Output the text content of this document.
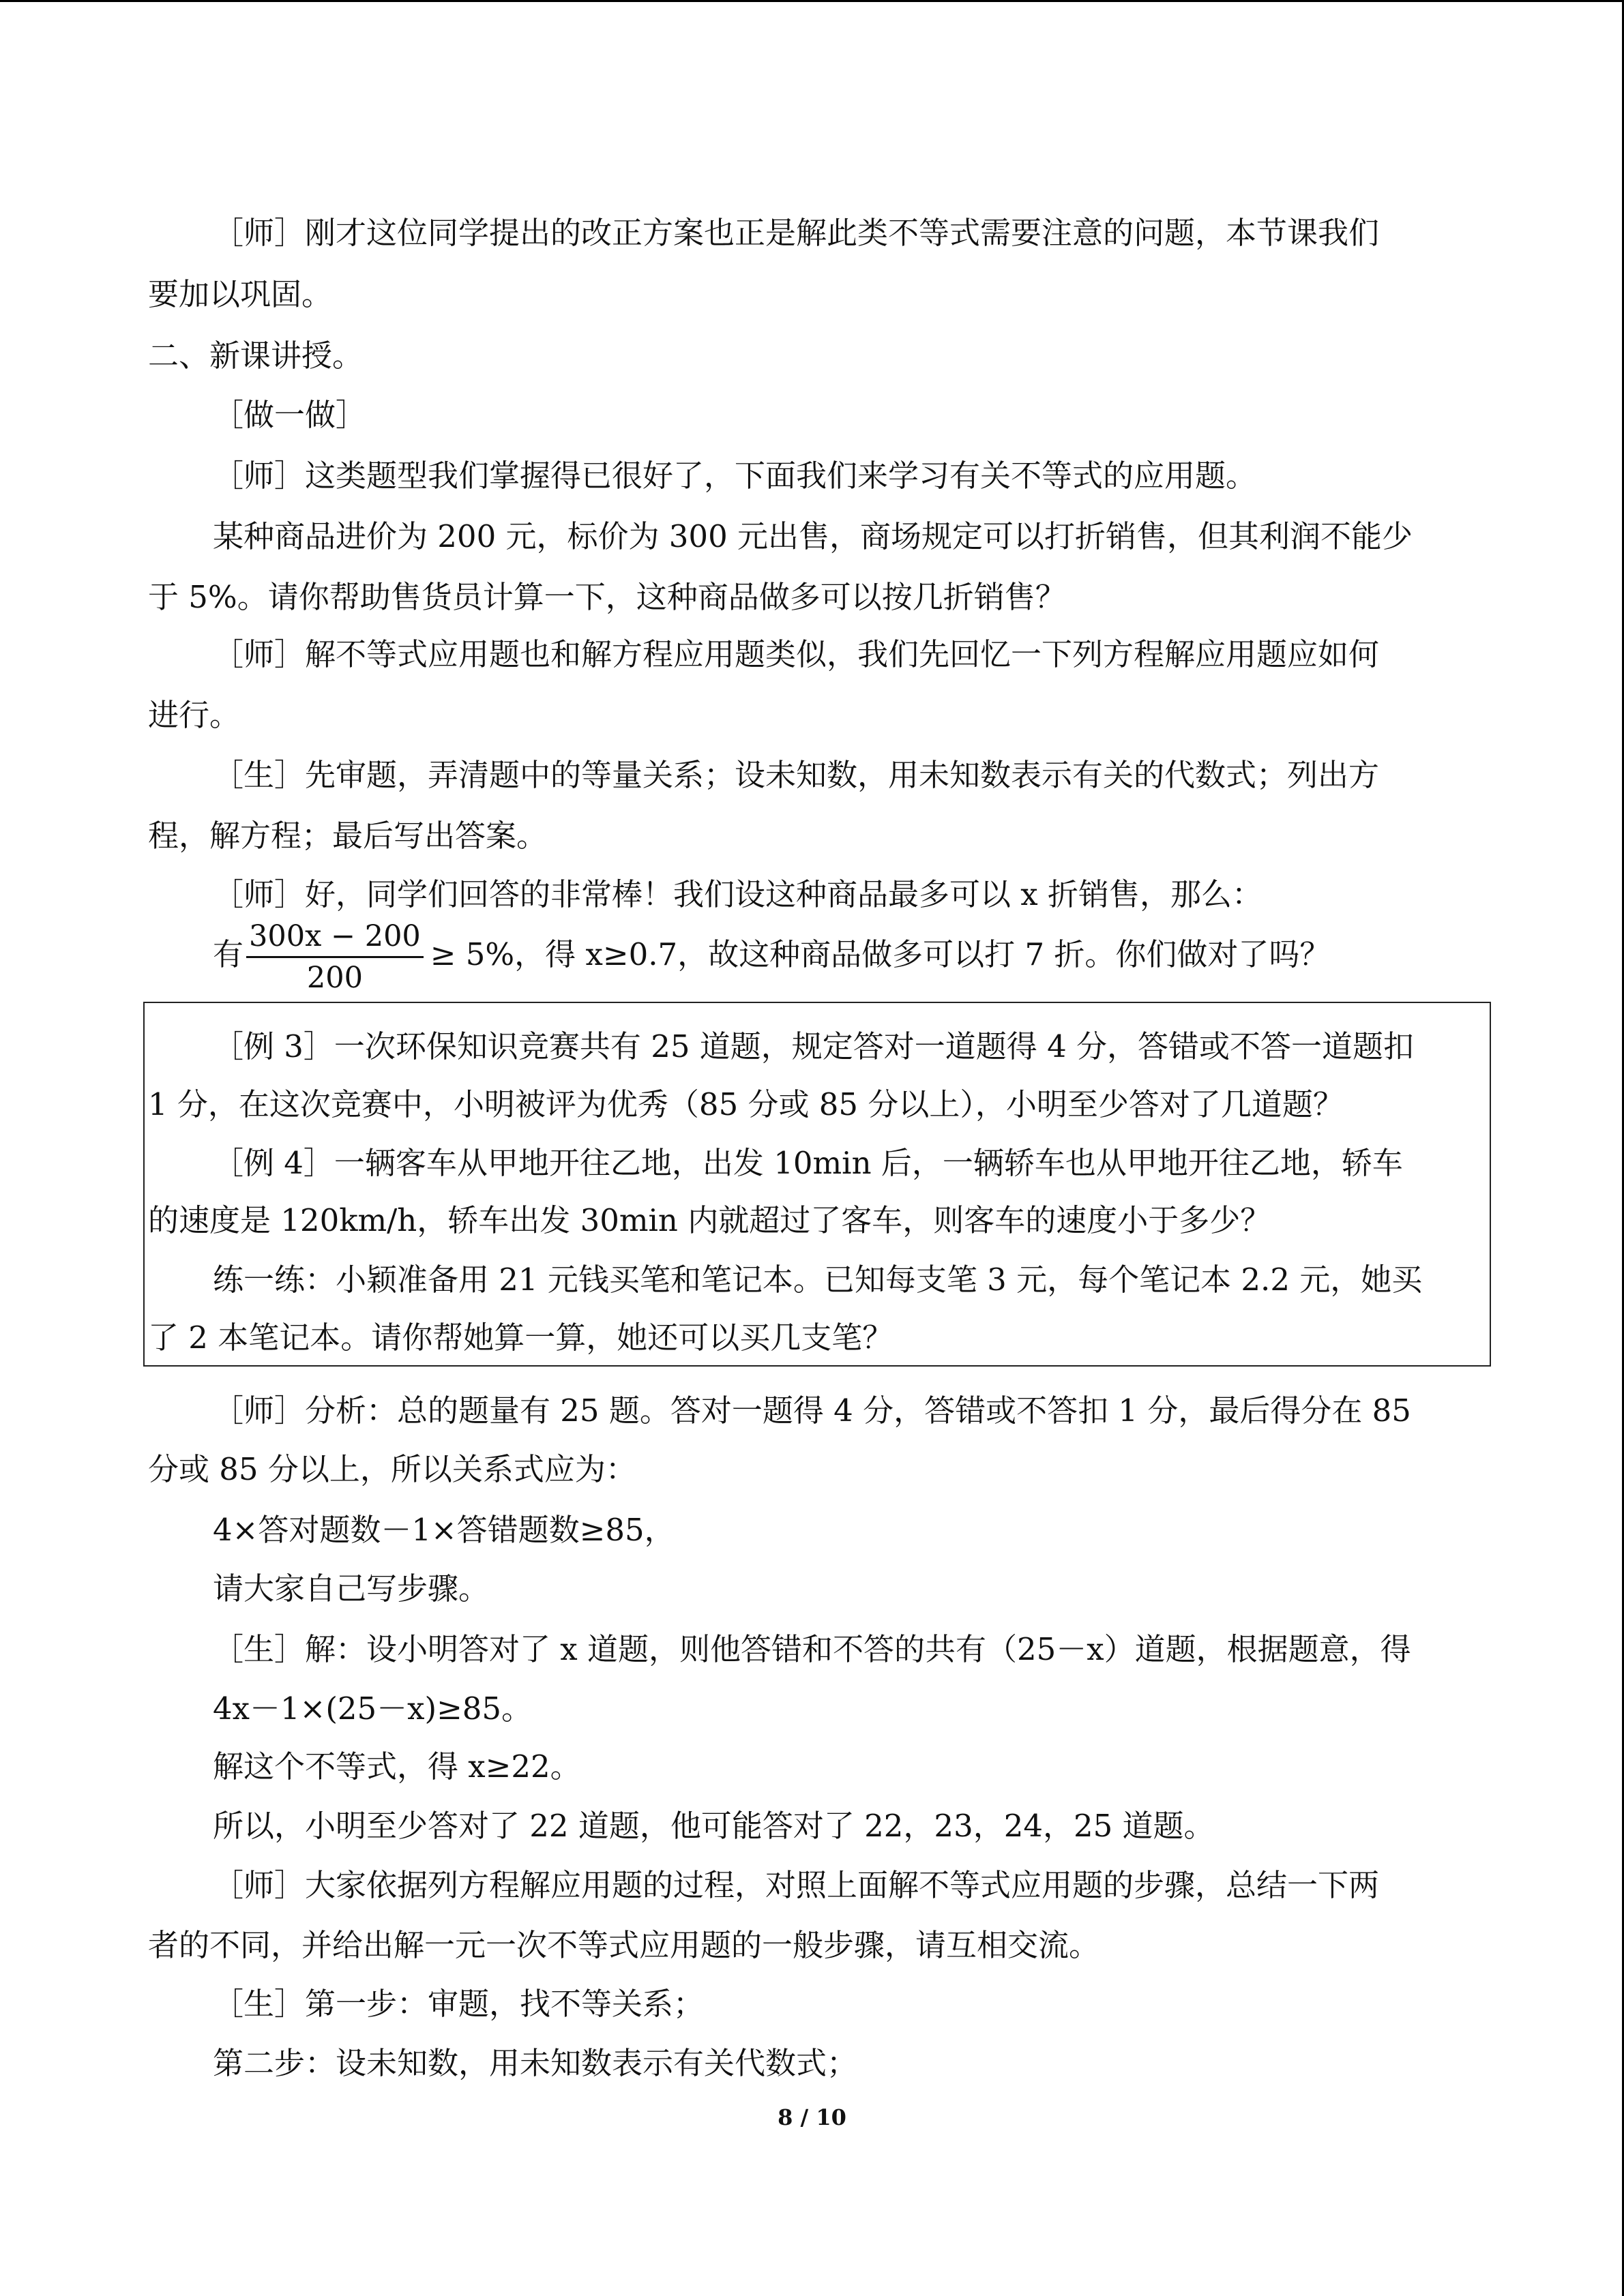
［师］刚才这位同学提出的改正方案也正是解此类不等式需要注意的问题，本节课我们

要加以巩固。

二、新课讲授。

［做一做］

［师］这类题型我们掌握得已很好了，下面我们来学习有关不等式的应用题。

某种商品进价为 200 元，标价为 300 元出售，商场规定可以打折销售，但其利润不能少

于 5%。请你帮助售货员计算一下，这种商品做多可以按几折销售？

［师］解不等式应用题也和解方程应用题类似，我们先回忆一下列方程解应用题应如何

进行。

［生］先审题，弄清题中的等量关系；设未知数，用未知数表示有关的代数式；列出方

程，解方程；最后写出答案。

［师］好，同学们回答的非常棒！我们设这种商品最多可以 x 折销售，那么：

有 $\frac{300x - 200}{200} \ge 5\%$，得 x≥0.7，故这种商品做多可以打 7 折。你们做对了吗？

［例 3］一次环保知识竞赛共有 25 道题，规定答对一道题得 4 分，答错或不答一道题扣

1 分，在这次竞赛中，小明被评为优秀（85 分或 85 分以上），小明至少答对了几道题？

［例 4］一辆客车从甲地开往乙地，出发 10min 后，一辆轿车也从甲地开往乙地，轿车

的速度是 120km/h，轿车出发 30min 内就超过了客车，则客车的速度小于多少？

练一练：小颖准备用 21 元钱买笔和笔记本。已知每支笔 3 元，每个笔记本 2.2 元，她买

了 2 本笔记本。请你帮她算一算，她还可以买几支笔？

［师］分析：总的题量有 25 题。答对一题得 4 分，答错或不答扣 1 分，最后得分在 85

分或 85 分以上，所以关系式应为：

4×答对题数－1×答错题数≥85，

请大家自己写步骤。

［生］解：设小明答对了 x 道题，则他答错和不答的共有（25－x）道题，根据题意，得

4x－1×(25－x)≥85。

解这个不等式，得 x≥22。

所以，小明至少答对了 22 道题，他可能答对了 22，23，24，25 道题。

［师］大家依据列方程解应用题的过程，对照上面解不等式应用题的步骤，总结一下两

者的不同，并给出解一元一次不等式应用题的一般步骤，请互相交流。

［生］第一步：审题，找不等关系；

第二步：设未知数，用未知数表示有关代数式；

8 / 10
